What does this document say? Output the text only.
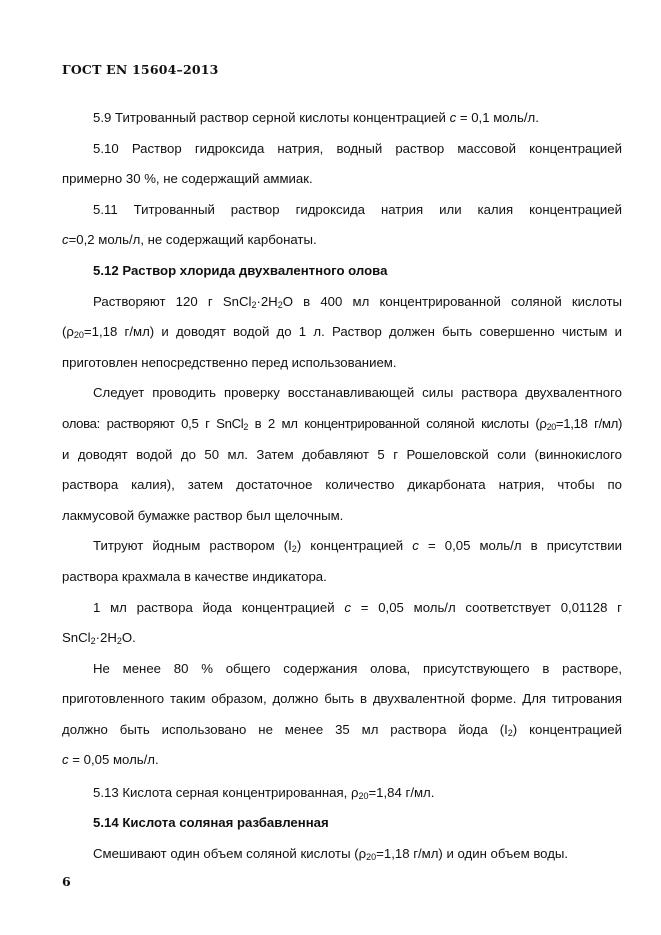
ГОСТ EN 15604–2013
5.9 Титрованный раствор серной кислоты концентрацией c = 0,1 моль/л.
5.10 Раствор гидроксида натрия, водный раствор массовой концентрацией
примерно 30 %, не содержащий аммиак.
5.11 Титрованный раствор гидроксида натрия или калия концентрацией
c=0,2 моль/л, не содержащий карбонаты.
5.12 Раствор хлорида двухвалентного олова
Растворяют 120 г $SnCl_2\cdot 2H_2O$ в 400 мл концентрированной соляной кислоты
($\rho_{20}=1,18$ г/мл) и доводят водой до 1 л. Раствор должен быть совершенно чистым и
приготовлен непосредственно перед использованием.
Следует проводить проверку восстанавливающей силы раствора двухвалентного
олова: растворяют 0,5 г SnCl$_2$ в 2 мл концентрированной соляной кислоты ($\rho_{20}=1,18$ г/мл)
и доводят водой до 50 мл. Затем добавляют 5 г Рошеловской соли (виннокислого
раствора калия), затем достаточное количество дикарбоната натрия, чтобы по
лакмусовой бумажке раствор был щелочным.
Титруют йодным раствором $(I_2)$ концентрацией c = 0,05 моль/л в присутствии
раствора крахмала в качестве индикатора.
1 мл раствора йода концентрацией c = 0,05 моль/л соответствует 0,01128 г
$SnCl_2\cdot 2H_2O$.
Не менее 80 % общего содержания олова, присутствующего в растворе,
приготовленного таким образом, должно быть в двухвалентной форме. Для титрования
должно быть использовано не менее 35 мл раствора йода $(I_2)$ концентрацией
c = 0,05 моль/л.
5.13 Кислота серная концентрированная, $\rho_{20}=1,84$ г/мл.
5.14 Кислота соляная разбавленная
Смешивают один объем соляной кислоты ($\rho_{20}=1,18$ г/мл) и один объем воды.
6
